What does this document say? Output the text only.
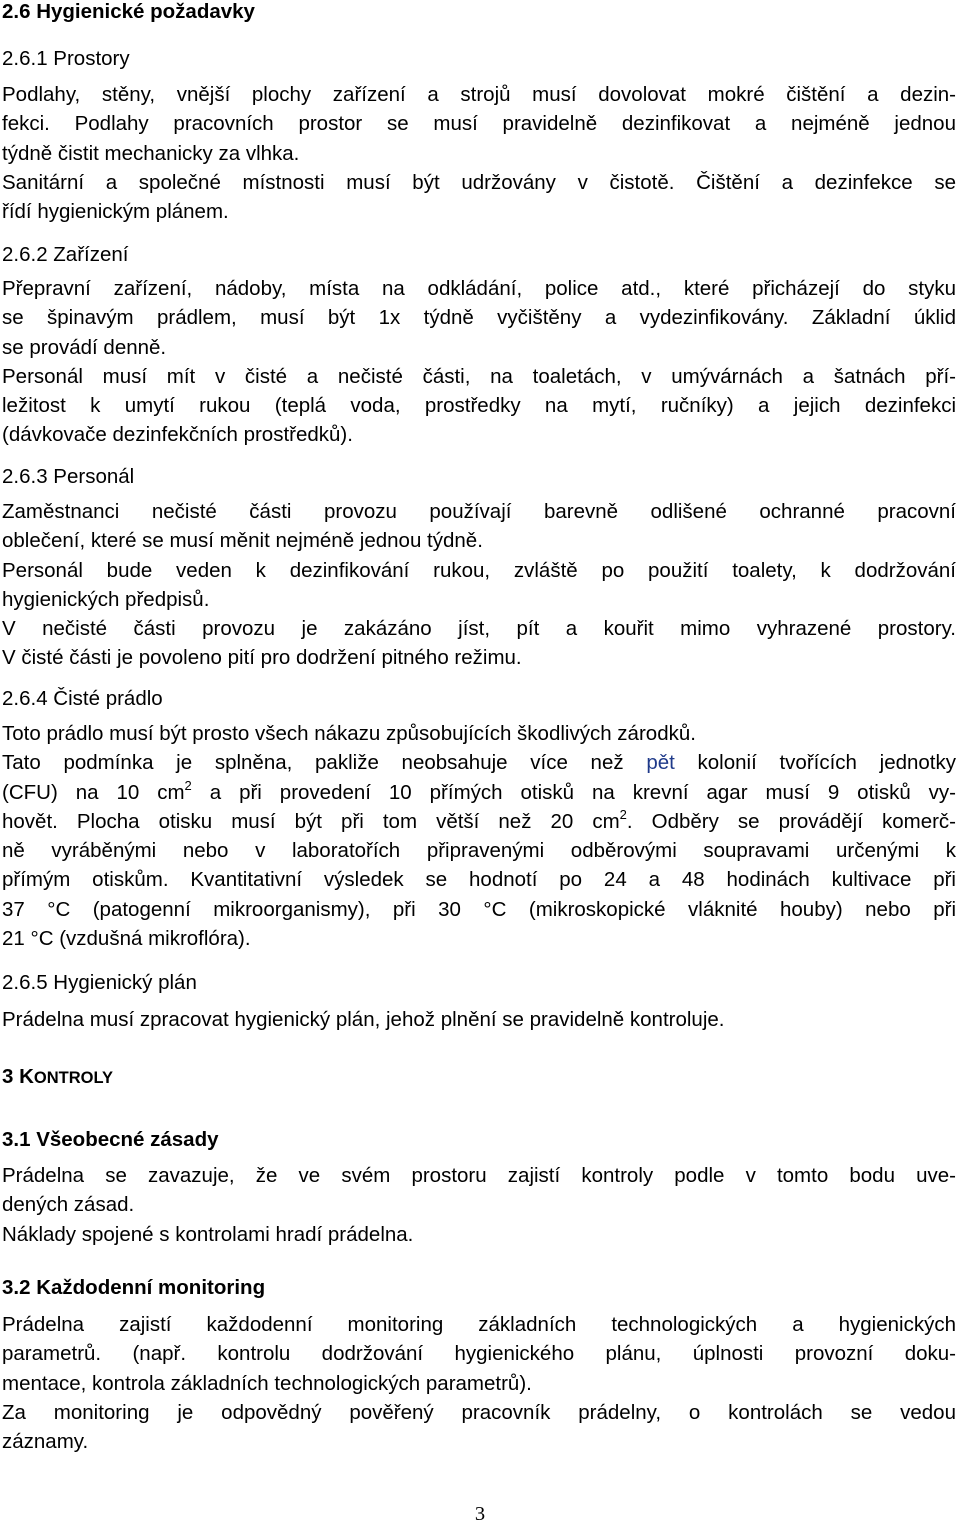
2.6 Hygienické požadavky
2.6.1 Prostory
Podlahy, stěny, vnější plochy zařízení a strojů musí dovolovat mokré čištění a dezin-
fekci. Podlahy pracovních prostor se musí pravidelně dezinfikovat a nejméně jednou
týdně čistit mechanicky za vlhka.
Sanitární a společné místnosti musí být udržovány v čistotě. Čištění a dezinfekce se
řídí hygienickým plánem.
2.6.2 Zařízení
Přepravní zařízení, nádoby, místa na odkládání, police atd., které přicházejí do styku
se špinavým prádlem, musí být 1x týdně vyčištěny a vydezinfikovány. Základní úklid
se provádí denně.
Personál musí mít v čisté a nečisté části, na toaletách, v umývárnách a šatnách pří-
ležitost k umytí rukou (teplá voda, prostředky na mytí, ručníky) a jejich dezinfekci
(dávkovače dezinfekčních prostředků).
2.6.3 Personál
Zaměstnanci nečisté části provozu používají barevně odlišené ochranné pracovní
oblečení, které se musí měnit nejméně jednou týdně.
Personál bude veden k dezinfikování rukou, zvláště po použití toalety, k dodržování
hygienických předpisů.
V nečisté části provozu je zakázáno jíst, pít a kouřit mimo vyhrazené prostory.
V čisté části je povoleno pití pro dodržení pitného režimu.
2.6.4 Čisté prádlo
Toto prádlo musí být prosto všech nákazu způsobujících škodlivých zárodků.
Tato podmínka je splněna, pakliže neobsahuje více než pět kolonií tvořících jednotky
(CFU) na 10 $cm^2$ a při provedení 10 přímých otisků na krevní agar musí 9 otisků vy-
hovět. Plocha otisku musí být při tom větší než 20 $cm^2$. Odběry se provádějí komerč-
ně vyráběnými nebo v laboratořích připravenými odběrovými soupravami určenými k
přímým otiskům. Kvantitativní výsledek se hodnotí po 24 a 48 hodinách kultivace při
37 °C (patogenní mikroorganismy), při 30 °C (mikroskopické vláknité houby) nebo při
21 °C (vzdušná mikroflóra).
2.6.5 Hygienický plán
Prádelna musí zpracovat hygienický plán, jehož plnění se pravidelně kontroluje.
3 KONTROLY
3.1 Všeobecné zásady
Prádelna se zavazuje, že ve svém prostoru zajistí kontroly podle v tomto bodu uve-
dených zásad.
Náklady spojené s kontrolami hradí prádelna.
3.2 Každodenní monitoring
Prádelna zajistí každodenní monitoring základních technologických a hygienických
parametrů. (např. kontrolu dodržování hygienického plánu, úplnosti provozní doku-
mentace, kontrola základních technologických parametrů).
Za monitoring je odpovědný pověřený pracovník prádelny, o kontrolách se vedou
záznamy.
3
